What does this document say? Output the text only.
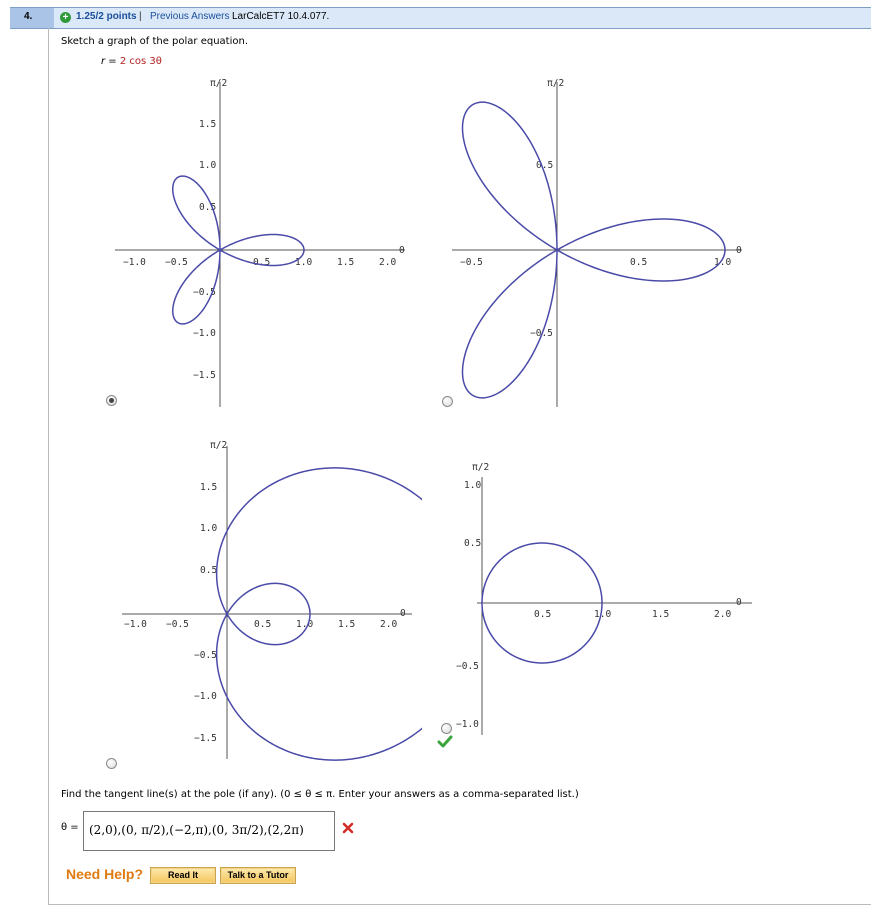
4.	+ 1.25/2 points | Previous Answers LarCalcET7 10.4.077.
Sketch a graph of the polar equation.
r = 2 cos 3θ
π/2
0
−1.0 −0.5	0.5	1.0	1.5	2.0
1.5
1.0
0.5
−0.5
−1.0
−1.5
π/2
0
−0.5	0.5	1.0
0.5
−0.5
π/2
0
−1.0 −0.5	0.5	1.0	1.5	2.0
1.5
1.0
0.5
−0.5
−1.0
−1.5
π/2
0
0.5	1.0	1.5	2.0
1.0
0.5
−0.5
−1.0
Find the tangent line(s) at the pole (if any). (0 ≤ θ ≤ π. Enter your answers as a comma-separated list.)
θ = (2,0),(0, π/2),(−2,π),(0, 3π/2),(2,2π)
Need Help?	Read It	Talk to a Tutor
